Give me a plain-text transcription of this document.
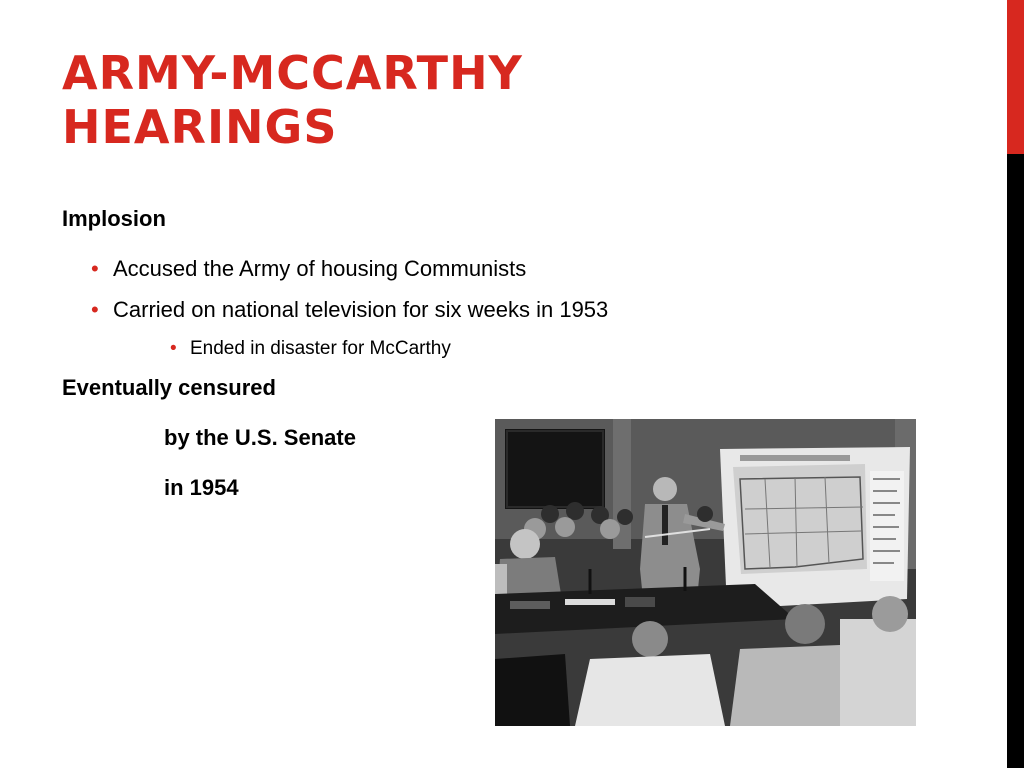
ARMY-MCCARTHY
HEARINGS
Implosion
• Accused the Army of housing Communists
• Carried on national television for six weeks in 1953
• Ended in disaster for McCarthy
Eventually censured
by the U.S. Senate
in 1954
